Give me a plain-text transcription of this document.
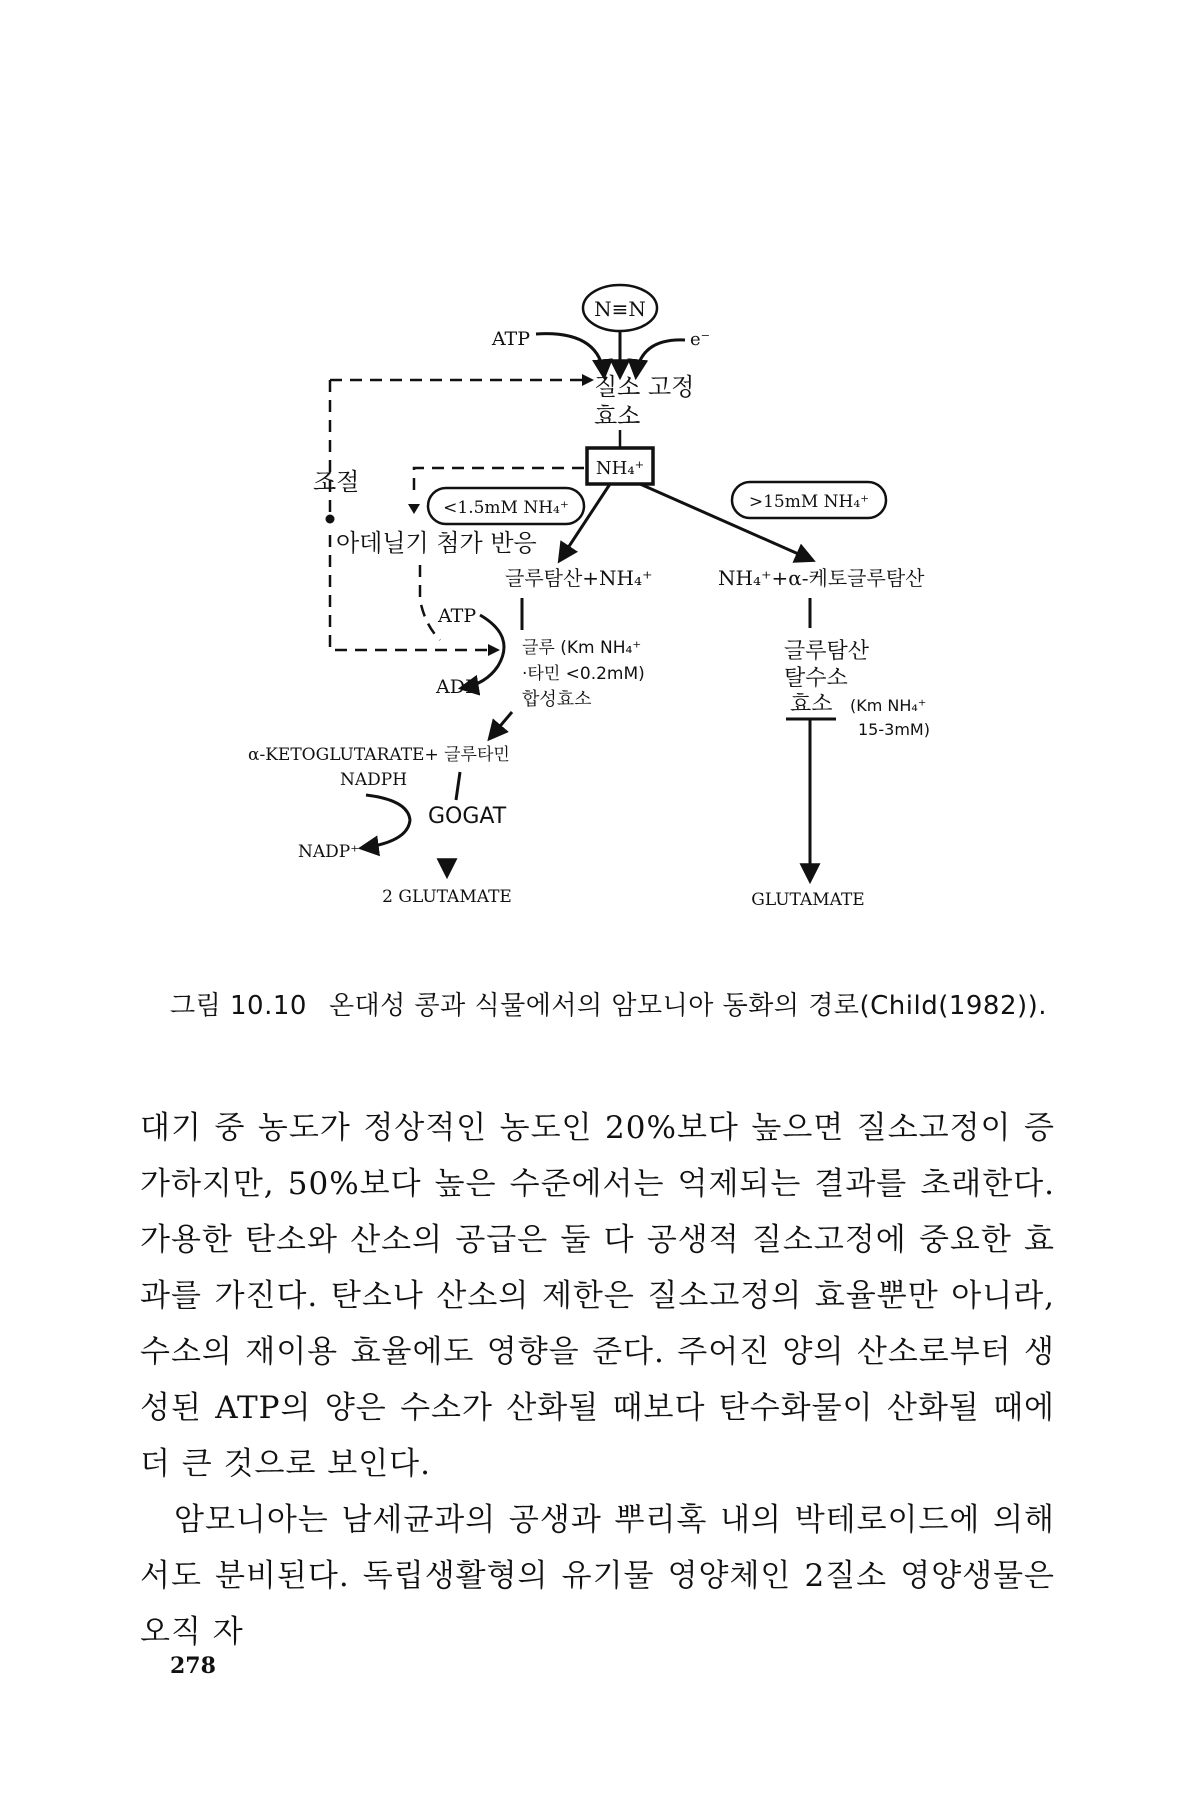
N≡N
ATP	e⁻
질소 고정
효소
NH₄⁺
조절
<1.5mM NH₄⁺	>15mM NH₄⁺
아데닐기 첨가 반응
글루탐산+NH₄⁺	NH₄⁺+α-케토글루탐산
ATP
ADP
글루 (Km NH₄⁺
·타민 <0.2mM)
합성효소
α-KETOGLUTARATE+ 글루타민
NADPH
GOGAT
NADP⁺
2 GLUTAMATE
글루탐산
탈수소
효소 (Km NH₄⁺
15-3mM)
GLUTAMATE
그림 10.10 온대성 콩과 식물에서의 암모니아 동화의 경로(Child(1982)).

대기 중 농도가 정상적인 농도인 20%보다 높으면 질소고정이 증가하지만, 50%보다 높은 수준에서는 억제되는 결과를 초래한다. 가용한 탄소와 산소의 공급은 둘 다 공생적 질소고정에 중요한 효과를 가진다. 탄소나 산소의 제한은 질소고정의 효율뿐만 아니라, 수소의 재이용 효율에도 영향을 준다. 주어진 양의 산소로부터 생성된 ATP의 양은 수소가 산화될 때보다 탄수화물이 산화될 때에 더 큰 것으로 보인다.

암모니아는 남세균과의 공생과 뿌리혹 내의 박테로이드에 의해서도 분비된다. 독립생활형의 유기물 영양체인 2질소 영양생물은 오직 자

278
